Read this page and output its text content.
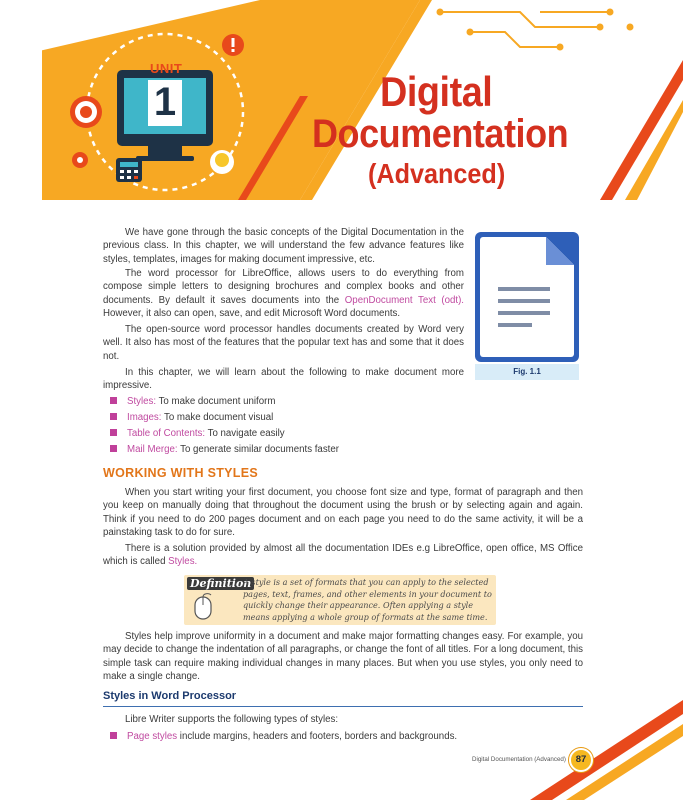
UNIT
1	Digital
Documentation
(Advanced)

We have gone through the basic concepts of the Digital Documentation in the previous class. In this chapter, we will understand the few advance features like styles, templates, images for making document impressive, etc.

The word processor for LibreOffice, allows users to do everything from compose simple letters to designing brochures and complex books and other documents. By default it saves documents into the OpenDocument Text (odt). However, it also can open, save, and edit Microsoft Word documents.

The open-source word processor handles documents created by Word very well. It also has most of the features that the popular text has and some that it does not.

In this chapter, we will learn about the following to make document more impressive.

Fig. 1.1
Styles: To make document uniform
Images: To make document visual
Table of Contents: To navigate easily
Mail Merge: To generate similar documents faster
WORKING WITH STYLES

When you start writing your first document, you choose font size and type, format of paragraph and then you keep on manually doing that throughout the document using the brush or by selecting again and again. Think if you need to do 200 pages document and on each page you need to do the same activity, it will be a painstaking task to do for sure.

There is a solution provided by almost all the documentation IDEs e.g LibreOffice, open office, MS Office which is called Styles.

Definition
A style is a set of formats that you can apply to the selected pages, text, frames, and other elements in your document to quickly change their appearance. Often applying a style means applying a whole group of formats at the same time.

Styles help improve uniformity in a document and make major formatting changes easy. For example, you may decide to change the indentation of all paragraphs, or change the font of all titles. For a long document, this simple task can require making individual changes in many places. But when you use styles, you only need to make a single change.

Styles in Word Processor

Libre Writer supports the following types of styles:

Page styles include margins, headers and footers, borders and backgrounds.
Digital Documentation (Advanced)	87
